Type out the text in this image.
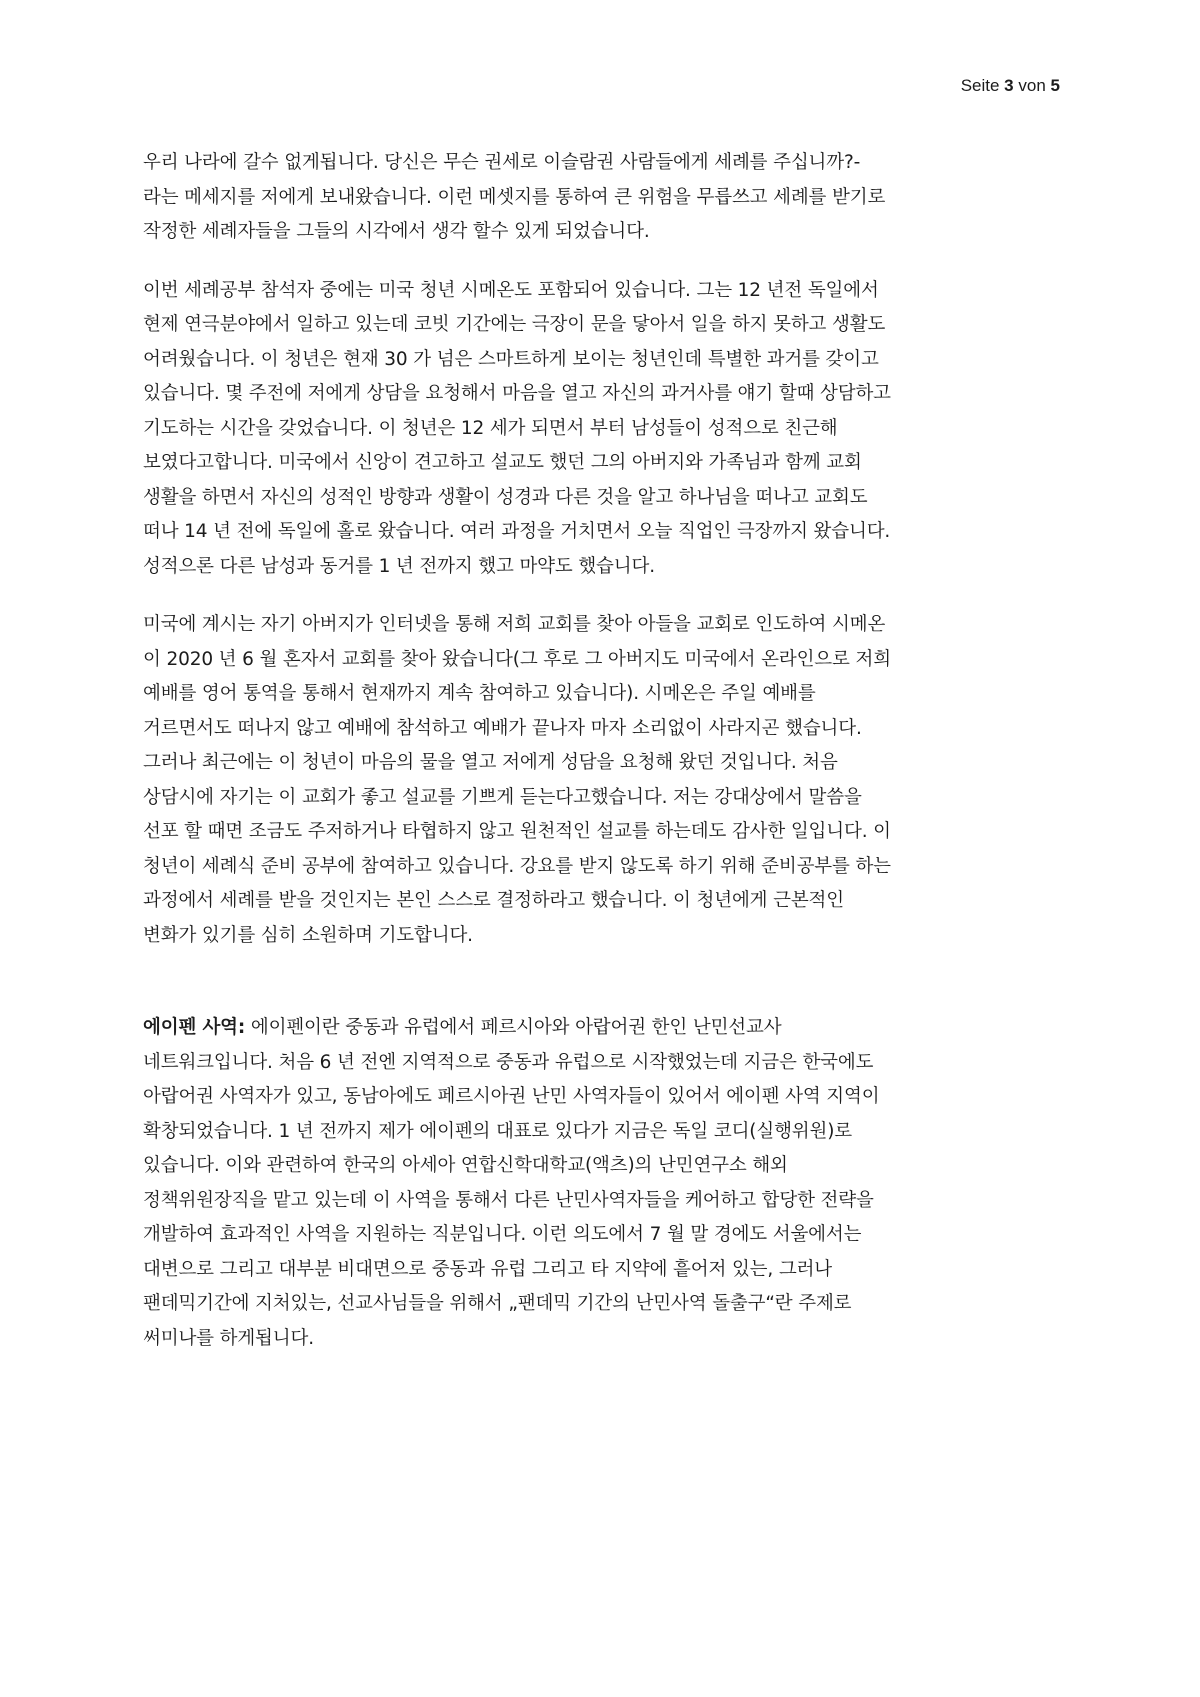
Seite 3 von 5
우리 나라에 갈수 없게됩니다. 당신은 무슨 권세로 이슬람권 사람들에게 세례를 주십니까?-
라는 메세지를 저에게 보내왔습니다. 이런 메셋지를 통하여 큰 위험을 무릅쓰고 세례를 받기로
작정한 세례자들을 그들의 시각에서 생각 할수 있게 되었습니다.
이번 세례공부 참석자 중에는 미국 청년 시메온도 포함되어 있습니다. 그는 12 년전 독일에서
현제 연극분야에서 일하고 있는데 코빗 기간에는 극장이 문을 닿아서 일을 하지 못하고 생활도
어려웠습니다. 이 청년은 현재 30 가 넘은 스마트하게 보이는 청년인데 특별한 과거를 갖이고
있습니다. 몇 주전에 저에게 상담을 요청해서 마음을 열고 자신의 과거사를 얘기 할때 상담하고
기도하는 시간을 갖었습니다. 이 청년은 12 세가 되면서 부터 남성들이 성적으로 친근해
보였다고합니다. 미국에서 신앙이 견고하고 설교도 했던 그의 아버지와 가족님과 함께 교회
생활을 하면서 자신의 성적인 방향과 생활이 성경과 다른 것을 알고 하나님을 떠나고 교회도
떠나 14 년 전에 독일에 홀로 왔습니다. 여러 과정을 거치면서 오늘 직업인 극장까지 왔습니다.
성적으론 다른 남성과 동거를 1 년 전까지 했고 마약도 했습니다.
미국에 계시는 자기 아버지가 인터넷을 통해 저희 교회를 찾아 아들을 교회로 인도하여 시메온
이 2020 년 6 월 혼자서 교회를 찾아 왔습니다(그 후로 그 아버지도 미국에서 온라인으로 저희
예배를 영어 통역을 통해서 현재까지 계속 참여하고 있습니다). 시메온은 주일 예배를
거르면서도 떠나지 않고 예배에 참석하고 예배가 끝나자 마자 소리없이 사라지곤 했습니다.
그러나 최근에는 이 청년이 마음의 물을 열고 저에게 성담을 요청해 왔던 것입니다. 처음
상담시에 자기는 이 교회가 좋고 설교를 기쁘게 듣는다고했습니다. 저는 강대상에서 말씀을
선포 할 때면 조금도 주저하거나 타협하지 않고 원천적인 설교를 하는데도 감사한 일입니다. 이
청년이 세례식 준비 공부에 참여하고 있습니다. 강요를 받지 않도록 하기 위해 준비공부를 하는
과정에서 세례를 받을 것인지는 본인 스스로 결정하라고 했습니다. 이 청년에게 근본적인
변화가 있기를 심히 소원하며 기도합니다.
에이펜 사역: 에이펜이란 중동과 유럽에서 페르시아와 아랍어권 한인 난민선교사
네트워크입니다. 처음 6 년 전엔 지역적으로 중동과 유럽으로 시작했었는데 지금은 한국에도
아랍어권 사역자가 있고, 동남아에도 페르시아권 난민 사역자들이 있어서 에이펜 사역 지역이
확창되었습니다. 1 년 전까지 제가 에이펜의 대표로 있다가 지금은 독일 코디(실행위원)로
있습니다. 이와 관련하여 한국의 아세아 연합신학대학교(액츠)의 난민연구소 해외
정책위원장직을 맡고 있는데 이 사역을 통해서 다른 난민사역자들을 케어하고 합당한 전략을
개발하여 효과적인 사역을 지원하는 직분입니다. 이런 의도에서 7 월 말 경에도 서울에서는
대변으로 그리고 대부분 비대면으로 중동과 유럽 그리고 타 지약에 흩어저 있는, 그러나
팬데믹기간에 지처있는, 선교사님들을 위해서 „팬데믹 기간의 난민사역 돌출구“란 주제로
써미나를 하게됩니다.
